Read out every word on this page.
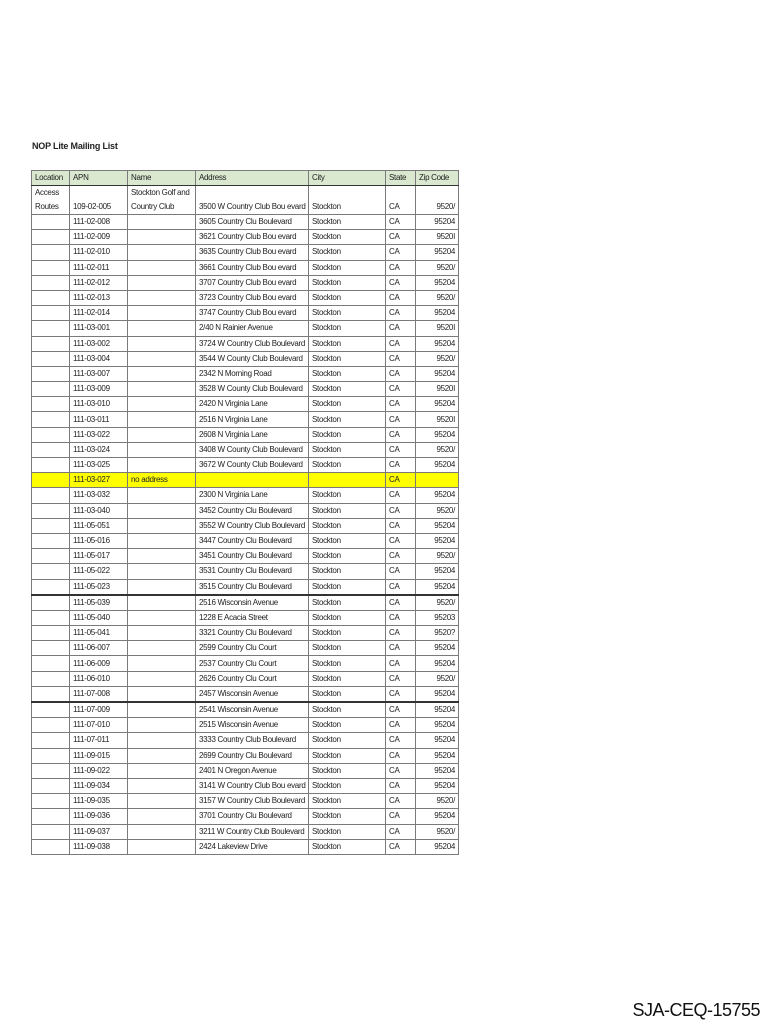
NOP Lite Mailing List
Location	APN	Name	Address	City	State	Zip Code
Access Routes	109-02-005	Stockton Golf and Country Club	3500 W Country Club Bou evard	Stockton	CA	9520/
	111-02-008		3605 Country Clu Boulevard	Stockton	CA	95204
	111-02-009		3621 Country Club Bou evard	Stockton	CA	9520I
	111-02-010		3635 Country Club Bou evard	Stockton	CA	95204
	111-02-011		3661 Country Club Bou evard	Stockton	CA	9520/
	111-02-012		3707 Country Club Bou evard	Stockton	CA	95204
	111-02-013		3723 Country Club Bou evard	Stockton	CA	9520/
	111-02-014		3747 Country Club Bou evard	Stockton	CA	95204
	111-03-001		2/40 N Rainier Avenue	Stockton	CA	9520I
	111-03-002		3724 W Country Club Boulevard	Stockton	CA	95204
	111-03-004		3544 W County Club Boulevard	Stockton	CA	9520/
	111-03-007		2342 N Morning Road	Stockton	CA	95204
	111-03-009		3528 W County Club Boulevard	Stockton	CA	9520I
	111-03-010		2420 N Virginia Lane	Stockton	CA	95204
	111-03-011		2516 N Virginia Lane	Stockton	CA	9520I
	111-03-022		2608 N Virginia Lane	Stockton	CA	95204
	111-03-024		3408 W County Club Boulevard	Stockton	CA	9520/
	111-03-025		3672 W County Club Boulevard	Stockton	CA	95204
	111-03-027	no address			CA	
	111-03-032		2300 N Virginia Lane	Stockton	CA	95204
	111-03-040		3452 Country Clu Boulevard	Stockton	CA	9520/
	111-05-051		3552 W Country Club Boulevard	Stockton	CA	95204
	111-05-016		3447 Country Clu Boulevard	Stockton	CA	95204
	111-05-017		3451 Country Clu Boulevard	Stockton	CA	9520/
	111-05-022		3531 Country Clu Boulevard	Stockton	CA	95204
	111-05-023		3515 Country Clu Boulevard	Stockton	CA	95204
	111-05-039		2516 Wisconsin Avenue	Stockton	CA	9520/
	111-05-040		1228 E Acacia Street	Stockton	CA	95203
	111-05-041		3321 Country Clu Boulevard	Stockton	CA	9520?
	111-06-007		2599 Country Clu Court	Stockton	CA	95204
	111-06-009		2537 Country Clu Court	Stockton	CA	95204
	111-06-010		2626 Country Clu Court	Stockton	CA	9520/
	111-07-008		2457 Wisconsin Avenue	Stockton	CA	95204
	111-07-009		2541 Wisconsin Avenue	Stockton	CA	95204
	111-07-010		2515 Wisconsin Avenue	Stockton	CA	95204
	111-07-011		3333 Country Club Boulevard	Stockton	CA	95204
	111-09-015		2699 Country Clu Boulevard	Stockton	CA	95204
	111-09-022		2401 N Oregon Avenue	Stockton	CA	95204
	111-09-034		3141 W Country Club Bou evard	Stockton	CA	95204
	111-09-035		3157 W Country Club Boulevard	Stockton	CA	9520/
	111-09-036		3701 Country Clu Boulevard	Stockton	CA	95204
	111-09-037		3211 W Country Club Boulevard	Stockton	CA	9520/
	111-09-038		2424 Lakeview Drive	Stockton	CA	95204
SJA-CEQ-15755
